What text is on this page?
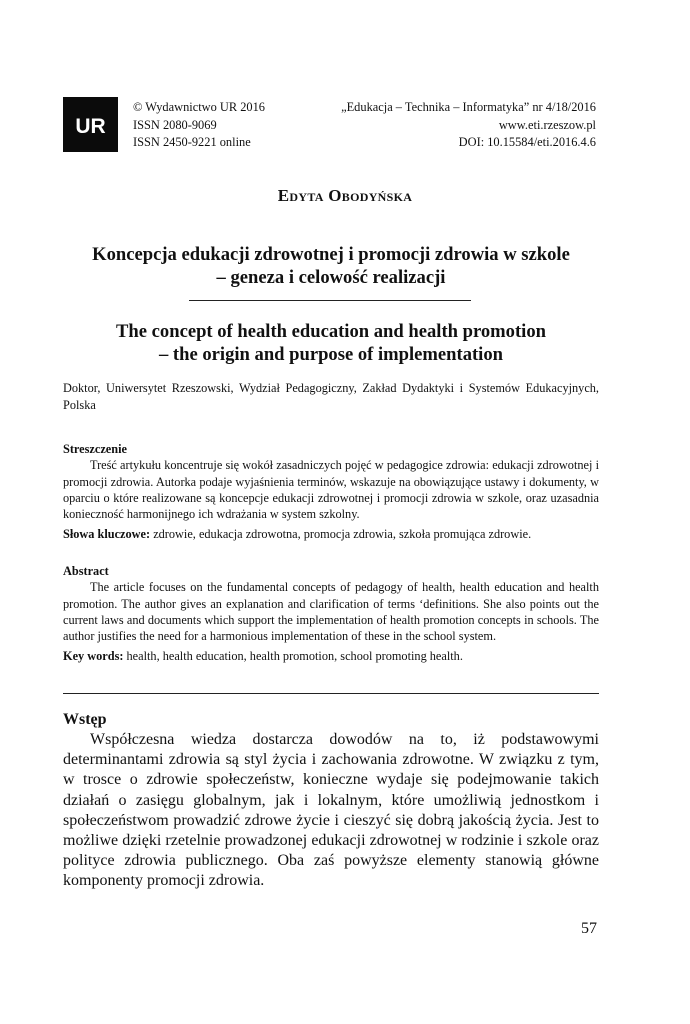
UR
© Wydawnictwo UR 2016
ISSN 2080-9069
ISSN 2450-9221 online
„Edukacja – Technika – Informatyka” nr 4/18/2016
www.eti.rzeszow.pl
DOI: 10.15584/eti.2016.4.6
Edyta Obodyńska
Koncepcja edukacji zdrowotnej i promocji zdrowia w szkole
– geneza i celowość realizacji
The concept of health education and health promotion
– the origin and purpose of implementation
Doktor, Uniwersytet Rzeszowski, Wydział Pedagogiczny, Zakład Dydaktyki i Systemów Edukacyjnych, Polska
Streszczenie
Treść artykułu koncentruje się wokół zasadniczych pojęć w pedagogice zdrowia: edukacji zdrowotnej i promocji zdrowia. Autorka podaje wyjaśnienia terminów, wskazuje na obowiązujące ustawy i dokumenty, w oparciu o które realizowane są koncepcje edukacji zdrowotnej i promocji zdrowia w szkole, oraz uzasadnia konieczność harmonijnego ich wdrażania w system szkolny.
Słowa kluczowe: zdrowie, edukacja zdrowotna, promocja zdrowia, szkoła promująca zdrowie.
Abstract
The article focuses on the fundamental concepts of pedagogy of health, health education and health promotion. The author gives an explanation and clarification of terms ‘definitions. She also points out the current laws and documents which support the implementation of health promotion concepts in schools. The author justifies the need for a harmonious implementation of these in the school system.
Key words: health, health education, health promotion, school promoting health.
Wstęp
Współczesna wiedza dostarcza dowodów na to, iż podstawowymi determinantami zdrowia są styl życia i zachowania zdrowotne. W związku z tym, w trosce o zdrowie społeczeństw, konieczne wydaje się podejmowanie takich działań o zasięgu globalnym, jak i lokalnym, które umożliwią jednostkom i społeczeństwom prowadzić zdrowe życie i cieszyć się dobrą jakością życia. Jest to możliwe dzięki rzetelnie prowadzonej edukacji zdrowotnej w rodzinie i szkole oraz polityce zdrowia publicznego. Oba zaś powyższe elementy stanowią główne komponenty promocji zdrowia.
57
